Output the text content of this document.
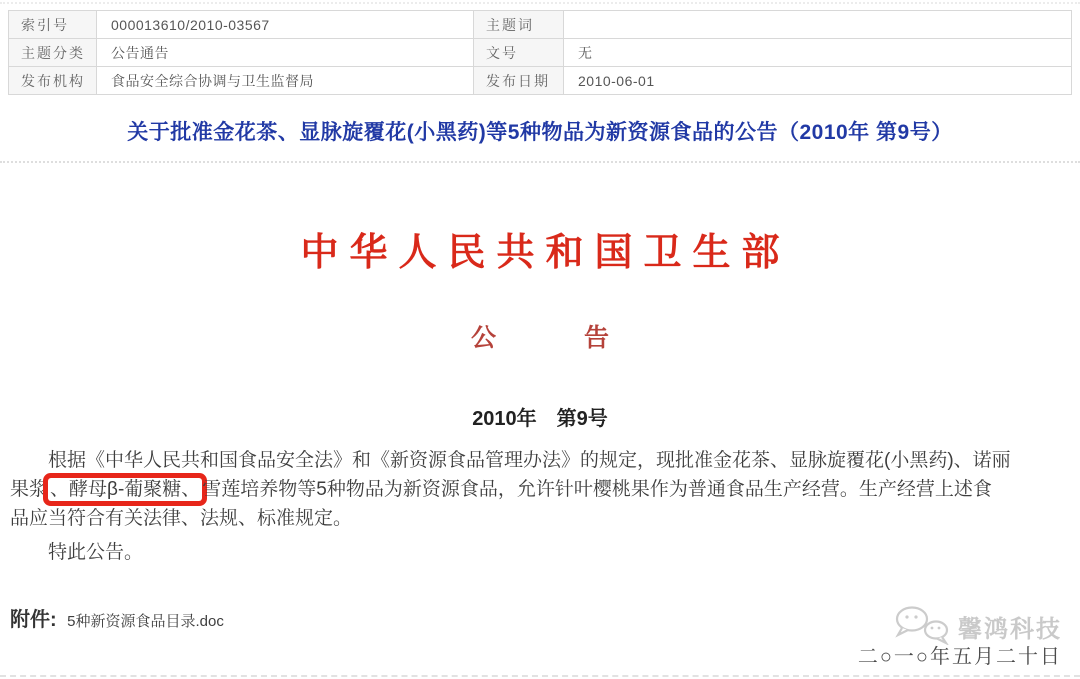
索引号	000013610/2010-03567	主题词	
主题分类	公告通告	文号	无
发布机构	食品安全综合协调与卫生监督局	发布日期	2010-06-01
关于批准金花茶、显脉旋覆花(小黑药)等5种物品为新资源食品的公告（2010年 第9号）
中华人民共和国卫生部
公告
2010年　第9号
根据《中华人民共和国食品安全法》和《新资源食品管理办法》的规定，现批准金花茶、显脉旋覆花(小黑药)、诺丽
果浆 、酵母β-葡聚糖、 雪莲培养物等5种物品为新资源食品，允许针叶樱桃果作为普通食品生产经营。生产经营上述食
品应当符合有关法律、法规、标准规定。
特此公告。
附件: 5种新资源食品目录.doc	馨鸿科技
二○一○年五月二十日
